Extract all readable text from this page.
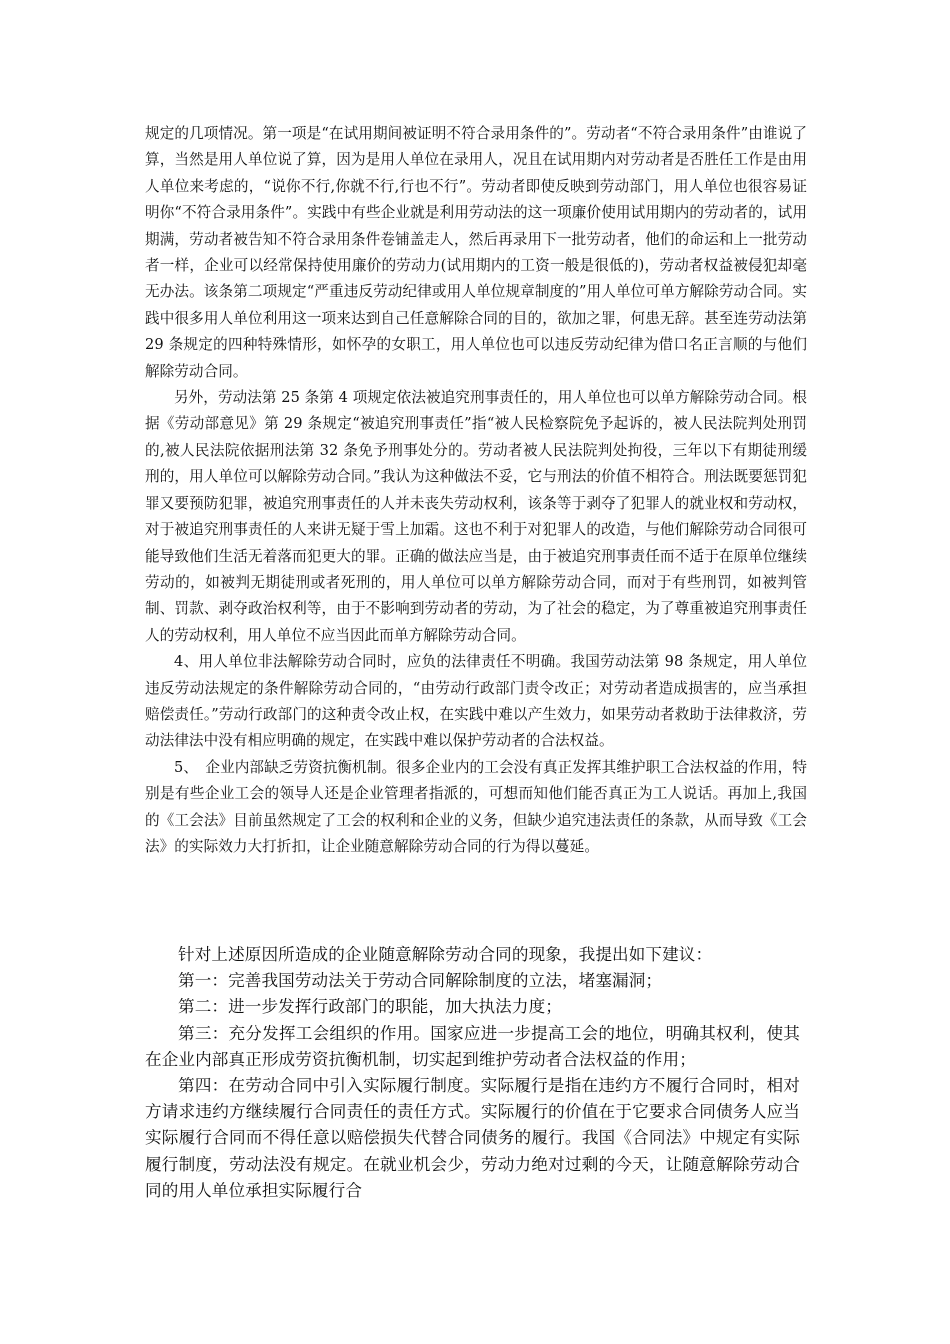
规定的几项情况。第一项是“在试用期间被证明不符合录用条件的”。劳动者“不符合录用条件”由谁说了算，当然是用人单位说了算，因为是用人单位在录用人，况且在试用期内对劳动者是否胜任工作是由用人单位来考虑的，“说你不行,你就不行,行也不行”。劳动者即使反映到劳动部门，用人单位也很容易证明你“不符合录用条件”。实践中有些企业就是利用劳动法的这一项廉价使用试用期内的劳动者的，试用期满，劳动者被告知不符合录用条件卷铺盖走人，然后再录用下一批劳动者，他们的命运和上一批劳动者一样，企业可以经常保持使用廉价的劳动力(试用期内的工资一般是很低的)，劳动者权益被侵犯却毫无办法。该条第二项规定“严重违反劳动纪律或用人单位规章制度的”用人单位可单方解除劳动合同。实践中很多用人单位利用这一项来达到自己任意解除合同的目的，欲加之罪，何患无辞。甚至连劳动法第 29 条规定的四种特殊情形，如怀孕的女职工，用人单位也可以违反劳动纪律为借口名正言顺的与他们解除劳动合同。

另外，劳动法第 25 条第 4 项规定依法被追究刑事责任的，用人单位也可以单方解除劳动合同。根据《劳动部意见》第 29 条规定“被追究刑事责任”指“被人民检察院免予起诉的，被人民法院判处刑罚的,被人民法院依据刑法第 32 条免予刑事处分的。劳动者被人民法院判处拘役，三年以下有期徒刑缓刑的，用人单位可以解除劳动合同。”我认为这种做法不妥，它与刑法的价值不相符合。刑法既要惩罚犯罪又要预防犯罪，被追究刑事责任的人并未丧失劳动权利，该条等于剥夺了犯罪人的就业权和劳动权，对于被追究刑事责任的人来讲无疑于雪上加霜。这也不利于对犯罪人的改造，与他们解除劳动合同很可能导致他们生活无着落而犯更大的罪。正确的做法应当是，由于被追究刑事责任而不适于在原单位继续劳动的，如被判无期徒刑或者死刑的，用人单位可以单方解除劳动合同，而对于有些刑罚，如被判管制、罚款、剥夺政治权利等，由于不影响到劳动者的劳动，为了社会的稳定，为了尊重被追究刑事责任人的劳动权利，用人单位不应当因此而单方解除劳动合同。

4、用人单位非法解除劳动合同时，应负的法律责任不明确。我国劳动法第 98 条规定，用人单位违反劳动法规定的条件解除劳动合同的，“由劳动行政部门责令改正；对劳动者造成损害的，应当承担赔偿责任。”劳动行政部门的这种责令改止权，在实践中难以产生效力，如果劳动者救助于法律救济，劳动法律法中没有相应明确的规定，在实践中难以保护劳动者的合法权益。

5、　企业内部缺乏劳资抗衡机制。很多企业内的工会没有真正发挥其维护职工合法权益的作用，特别是有些企业工会的领导人还是企业管理者指派的，可想而知他们能否真正为工人说话。再加上,我国的《工会法》目前虽然规定了工会的权利和企业的义务，但缺少追究违法责任的条款，从而导致《工会法》的实际效力大打折扣，让企业随意解除劳动合同的行为得以蔓延。

针对上述原因所造成的企业随意解除劳动合同的现象，我提出如下建议：

第一：完善我国劳动法关于劳动合同解除制度的立法，堵塞漏洞；

第二：进一步发挥行政部门的职能，加大执法力度；

第三：充分发挥工会组织的作用。国家应进一步提高工会的地位，明确其权利，使其在企业内部真正形成劳资抗衡机制，切实起到维护劳动者合法权益的作用；

第四：在劳动合同中引入实际履行制度。实际履行是指在违约方不履行合同时，相对方请求违约方继续履行合同责任的责任方式。实际履行的价值在于它要求合同债务人应当实际履行合同而不得任意以赔偿损失代替合同债务的履行。我国《合同法》中规定有实际履行制度，劳动法没有规定。在就业机会少，劳动力绝对过剩的今天，让随意解除劳动合同的用人单位承担实际履行合
